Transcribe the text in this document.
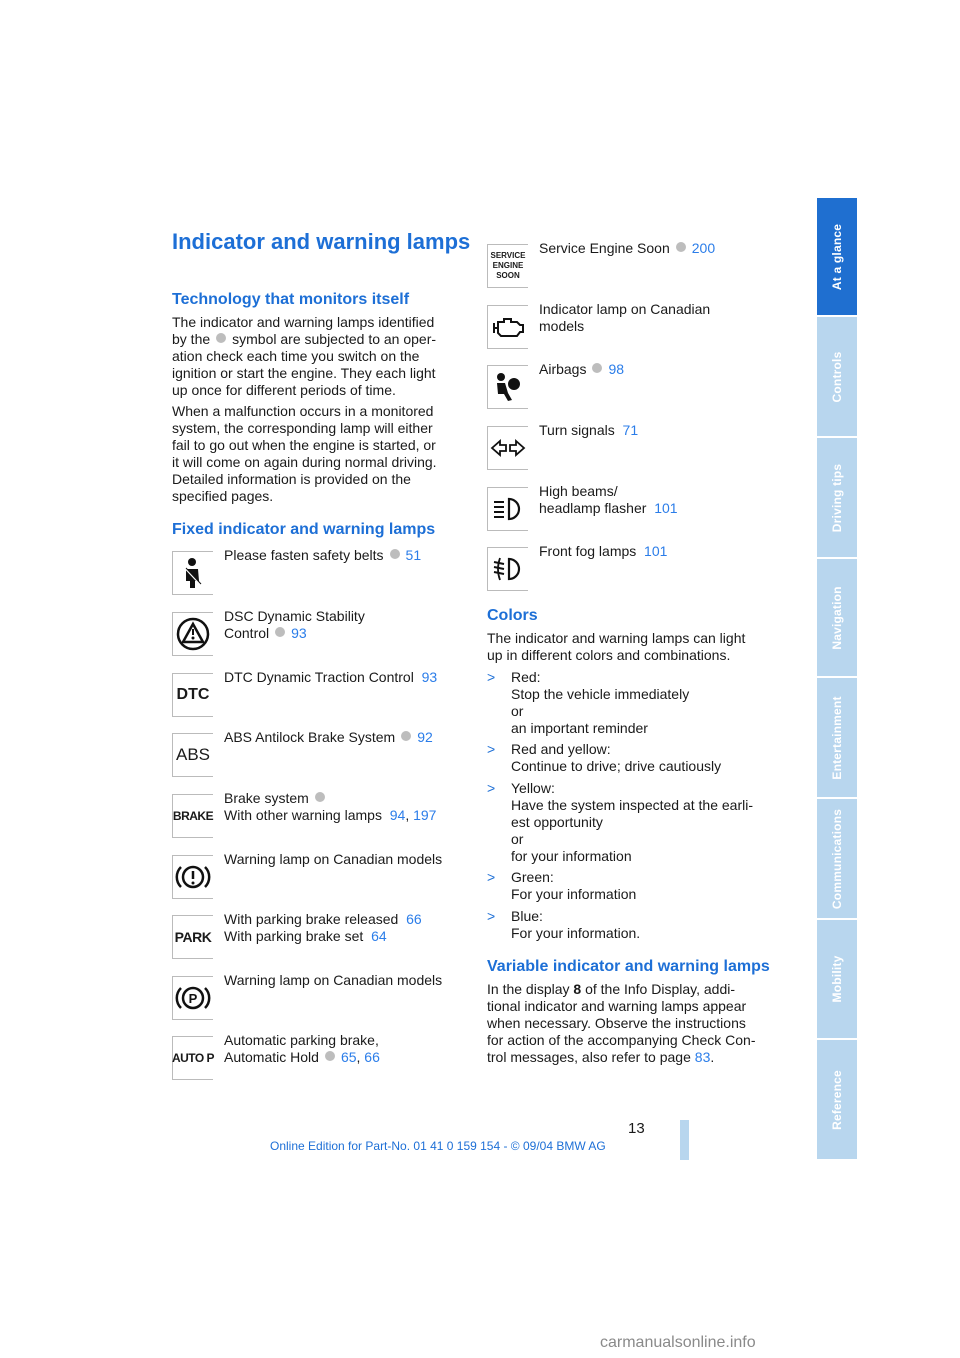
Indicator and warning lamps
Technology that monitors itself
The indicator and warning lamps identified
by the symbol are subjected to an oper-
ation check each time you switch on the
ignition or start the engine. They each light
up once for different periods of time.
When a malfunction occurs in a monitored
system, the corresponding lamp will either
fail to go out when the engine is started, or
it will come on again during normal driving.
Detailed information is provided on the
specified pages.
Fixed indicator and warning lamps
Please fasten safety belts 51
DSC Dynamic Stability
Control 93
DTC
DTC Dynamic Traction Control 93
ABS
ABS Antilock Brake System 92
BRAKE
Brake system
With other warning lamps 94, 197
Warning lamp on Canadian models
PARK
With parking brake released 66
With parking brake set 64
P
Warning lamp on Canadian models
AUTO P
Automatic parking brake,
Automatic Hold 65, 66
SERVICE
ENGINE
SOON
Service Engine Soon 200
Indicator lamp on Canadian
models
Airbags 98
Turn signals 71
High beams/
headlamp flasher 101
Front fog lamps 101
Colors
The indicator and warning lamps can light
up in different colors and combinations.
> Red:
Stop the vehicle immediately
or
an important reminder
> Red and yellow:
Continue to drive; drive cautiously
> Yellow:
Have the system inspected at the earli-
est opportunity
or
for your information
> Green:
For your information
> Blue:
For your information.
Variable indicator and warning lamps
In the display 8 of the Info Display, addi-
tional indicator and warning lamps appear
when necessary. Observe the instructions
for action of the accompanying Check Con-
trol messages, also refer to page 83.
At a glance
Controls
Driving tips
Navigation
Entertainment
Communications
Mobility
Reference
13
Online Edition for Part-No. 01 41 0 159 154 - © 09/04 BMW AG
carmanualsonline.info
